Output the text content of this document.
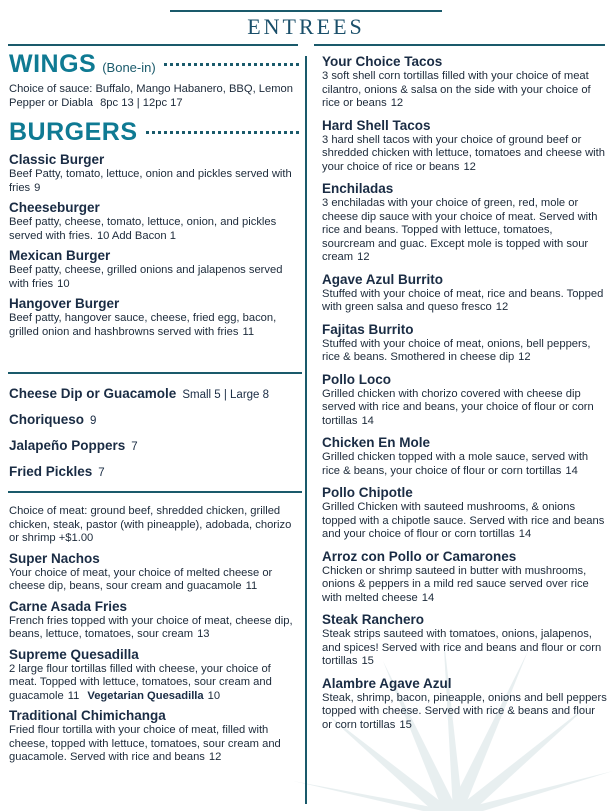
ENTREES
WINGS (Bone-in)
Choice of sauce: Buffalo, Mango Habanero, BBQ, Lemon Pepper or Diabla 8pc 13 | 12pc 17
BURGERS
Classic Burger
Beef Patty, tomato, lettuce, onion and pickles served with fries 9
Cheeseburger
Beef patty, cheese, tomato, lettuce, onion, and pickles served with fries. 10 Add Bacon 1
Mexican Burger
Beef patty, cheese, grilled onions and jalapenos served with fries 10
Hangover Burger
Beef patty, hangover sauce, cheese, fried egg, bacon, grilled onion and hashbrowns served with fries 11
Cheese Dip or Guacamole Small 5 | Large 8
Choriqueso 9
Jalapeño Poppers 7
Fried Pickles 7
Choice of meat: ground beef, shredded chicken, grilled chicken, steak, pastor (with pineapple), adobada, chorizo or shrimp +$1.00
Super Nachos
Your choice of meat, your choice of melted cheese or cheese dip, beans, sour cream and guacamole 11
Carne Asada Fries
French fries topped with your choice of meat, cheese dip, beans, lettuce, tomatoes, sour cream 13
Supreme Quesadilla
2 large flour tortillas filled with cheese, your choice of meat. Topped with lettuce, tomatoes, sour cream and guacamole 11 Vegetarian Quesadilla 10
Traditional Chimichanga
Fried flour tortilla with your choice of meat, filled with cheese, topped with lettuce, tomatoes, sour cream and guacamole. Served with rice and beans 12
Your Choice Tacos
3 soft shell corn tortillas filled with your choice of meat cilantro, onions & salsa on the side with your choice of rice or beans 12
Hard Shell Tacos
3 hard shell tacos with your choice of ground beef or shredded chicken with lettuce, tomatoes and cheese with your choice of rice or beans 12
Enchiladas
3 enchiladas with your choice of green, red, mole or cheese dip sauce with your choice of meat. Served with rice and beans. Topped with lettuce, tomatoes, sourcream and guac. Except mole is topped with sour cream 12
Agave Azul Burrito
Stuffed with your choice of meat, rice and beans. Topped with green salsa and queso fresco 12
Fajitas Burrito
Stuffed with your choice of meat, onions, bell peppers, rice & beans. Smothered in cheese dip 12
Pollo Loco
Grilled chicken with chorizo covered with cheese dip served with rice and beans, your choice of flour or corn tortillas 14
Chicken En Mole
Grilled chicken topped with a mole sauce, served with rice & beans, your choice of flour or corn tortillas 14
Pollo Chipotle
Grilled Chicken with sauteed mushrooms, & onions topped with a chipotle sauce. Served with rice and beans and your choice of flour or corn tortillas 14
Arroz con Pollo or Camarones
Chicken or shrimp sauteed in butter with mushrooms, onions & peppers in a mild red sauce served over rice with melted cheese 14
Steak Ranchero
Steak strips sauteed with tomatoes, onions, jalapenos, and spices! Served with rice and beans and flour or corn tortillas 15
Alambre Agave Azul
Steak, shrimp, bacon, pineapple, onions and bell peppers topped with cheese. Served with rice & beans and flour or corn tortillas 15
